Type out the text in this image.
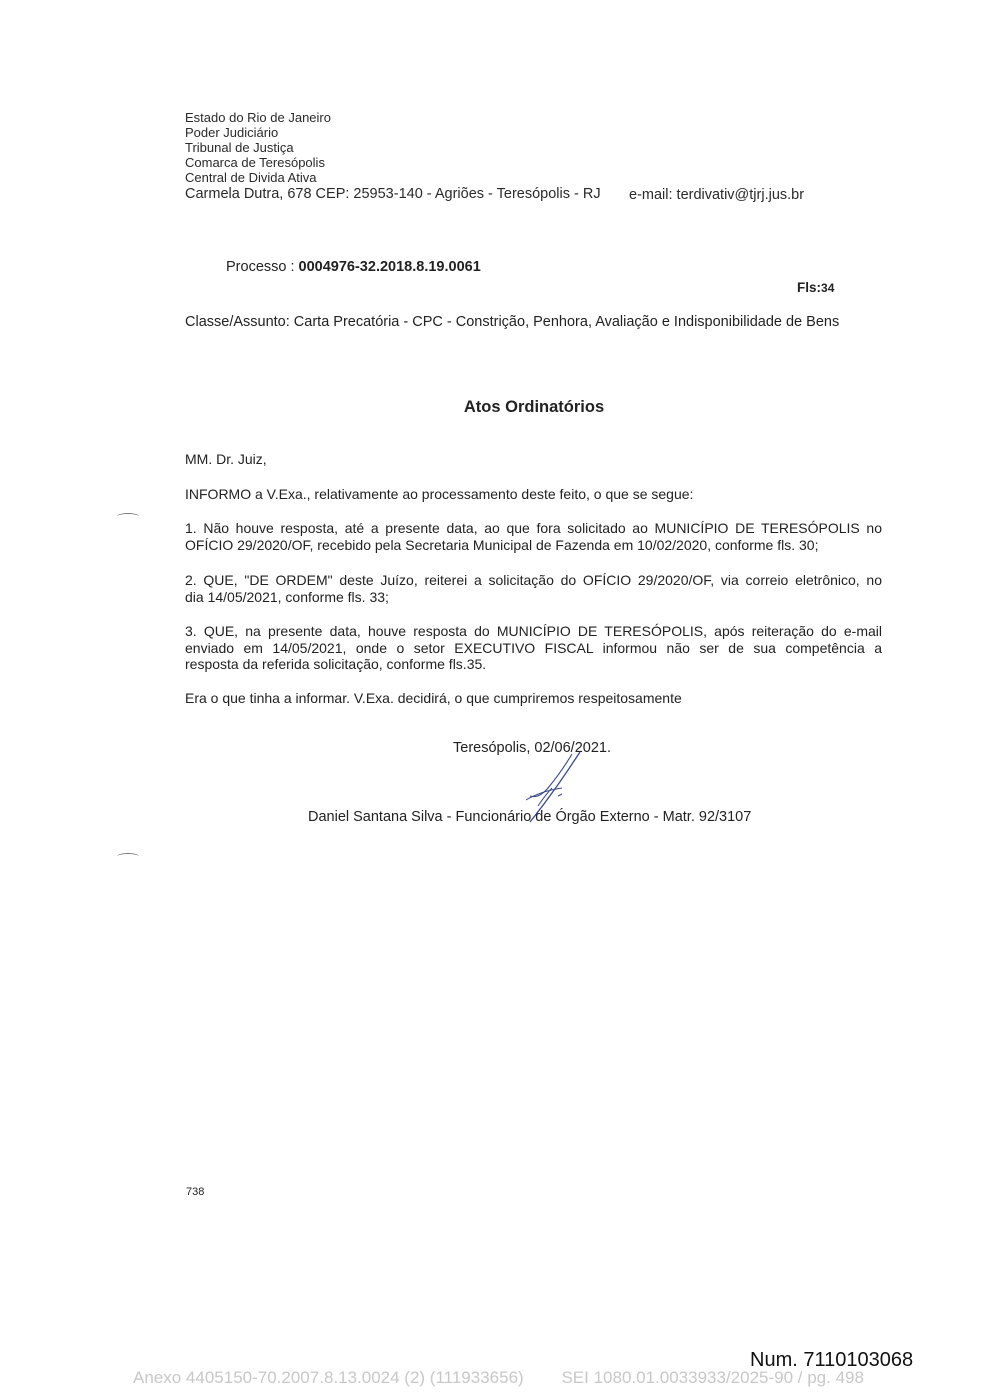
Estado do Rio de Janeiro
Poder Judiciário
Tribunal de Justiça
Comarca de Teresópolis
Central de Divida Ativa
Carmela Dutra, 678 CEP: 25953-140 - Agriões - Teresópolis - RJ e-mail: terdivativ@tjrj.jus.br
Processo : 0004976-32.2018.8.19.0061
Fls:34
Classe/Assunto: Carta Precatória - CPC - Constrição, Penhora, Avaliação e Indisponibilidade de Bens
Atos Ordinatórios
MM. Dr. Juiz,
INFORMO a V.Exa., relativamente ao processamento deste feito, o que se segue:
1. Não houve resposta, até a presente data, ao que fora solicitado ao MUNICÍPIO DE TERESÓPOLIS no
OFÍCIO 29/2020/OF, recebido pela Secretaria Municipal de Fazenda em 10/02/2020, conforme fls. 30;
2. QUE, "DE ORDEM" deste Juízo, reiterei a solicitação do OFÍCIO 29/2020/OF, via correio eletrônico, no
dia 14/05/2021, conforme fls. 33;
3. QUE, na presente data, houve resposta do MUNICÍPIO DE TERESÓPOLIS, após reiteração do e-mail
enviado em 14/05/2021, onde o setor EXECUTIVO FISCAL informou não ser de sua competência a
resposta da referida solicitação, conforme fls.35.
Era o que tinha a informar. V.Exa. decidirá, o que cumpriremos respeitosamente
Teresópolis, 02/06/2021.
Daniel Santana Silva - Funcionário de Órgão Externo - Matr. 92/3107
738
Num. 7110103068
Anexo 4405150-70.2007.8.13.0024 (2) (111933656)        SEI 1080.01.0033933/2025-90 / pg. 498
